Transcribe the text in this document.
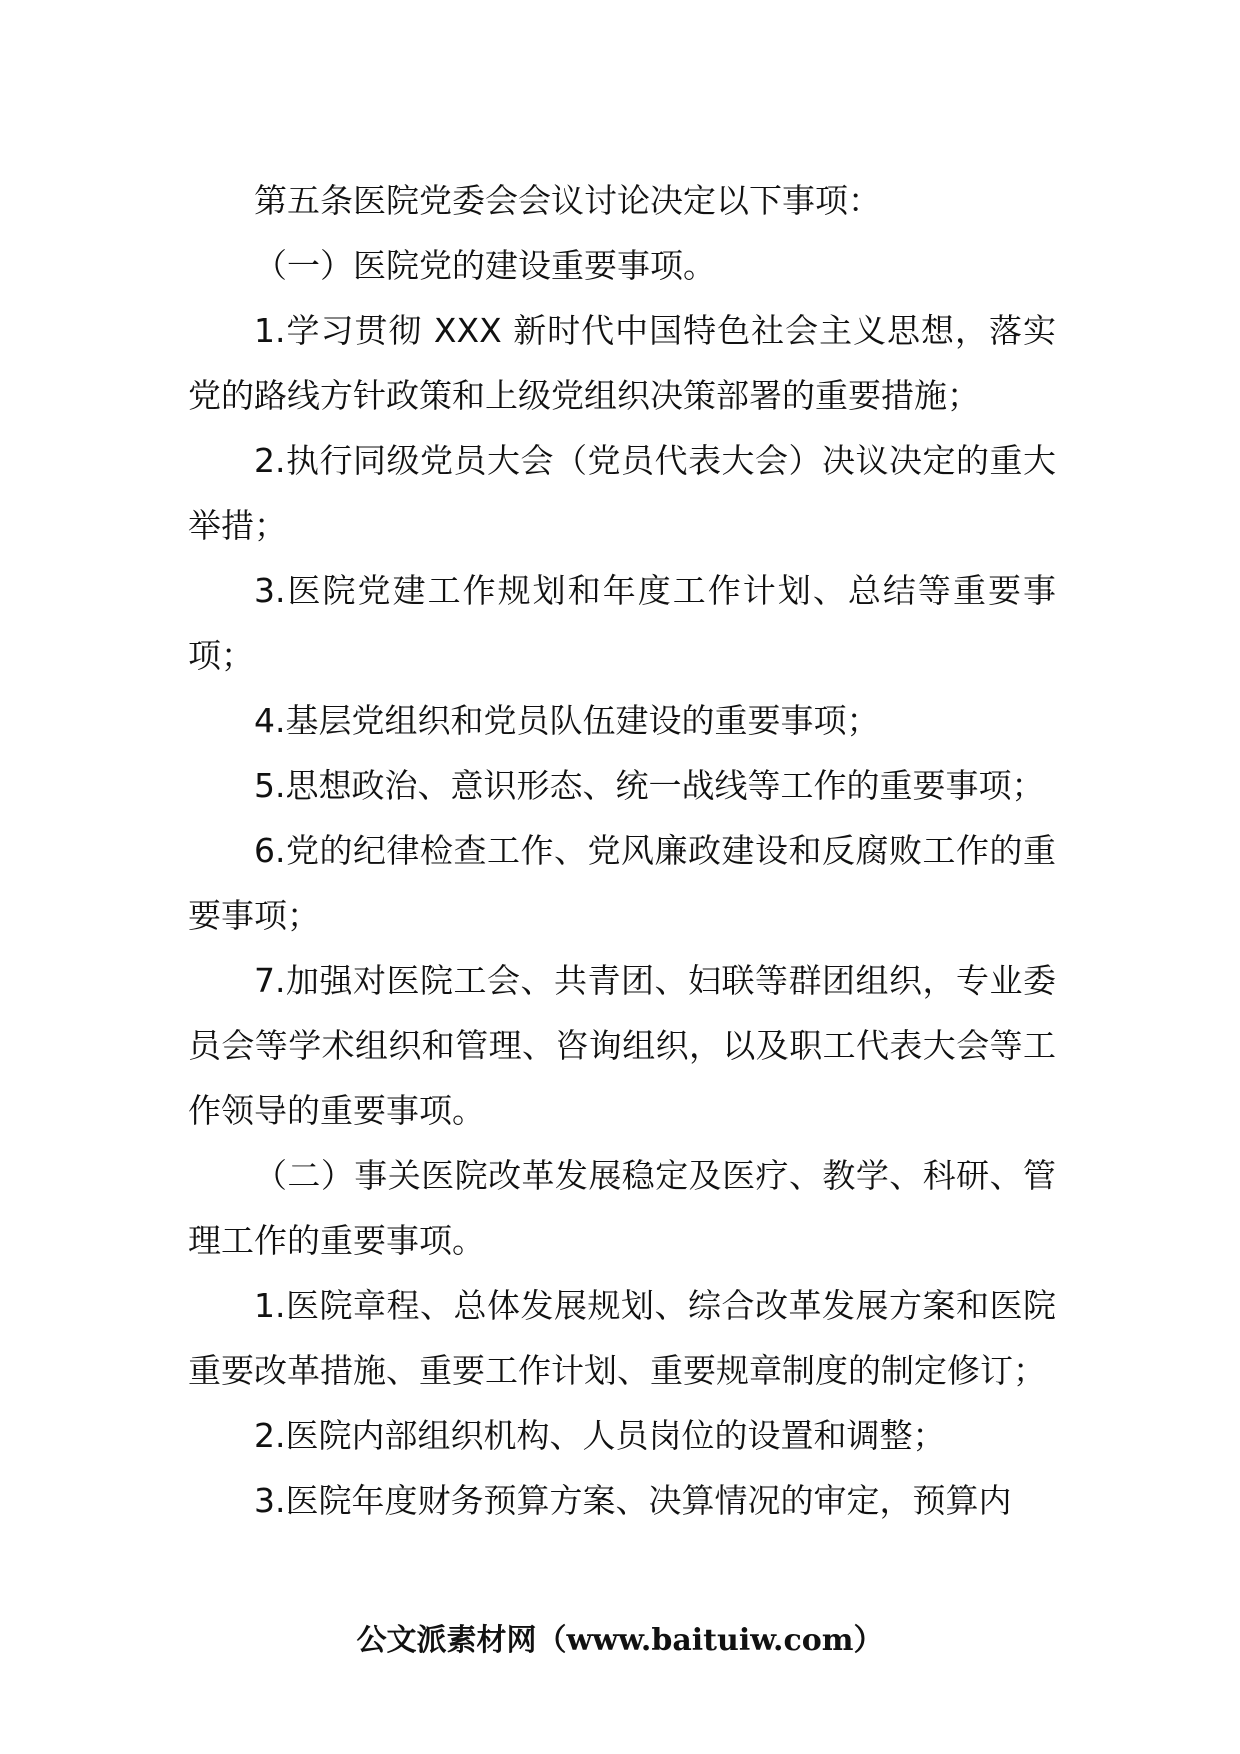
第五条医院党委会会议讨论决定以下事项：

（一）医院党的建设重要事项。

1.学习贯彻 XXX 新时代中国特色社会主义思想，落实党的路线方针政策和上级党组织决策部署的重要措施；

2.执行同级党员大会（党员代表大会）决议决定的重大举措；

3.医院党建工作规划和年度工作计划、总结等重要事项；

4.基层党组织和党员队伍建设的重要事项；

5.思想政治、意识形态、统一战线等工作的重要事项；

6.党的纪律检查工作、党风廉政建设和反腐败工作的重要事项；

7.加强对医院工会、共青团、妇联等群团组织，专业委员会等学术组织和管理、咨询组织，以及职工代表大会等工作领导的重要事项。

（二）事关医院改革发展稳定及医疗、教学、科研、管理工作的重要事项。

1.医院章程、总体发展规划、综合改革发展方案和医院重要改革措施、重要工作计划、重要规章制度的制定修订；

2.医院内部组织机构、人员岗位的设置和调整；

3.医院年度财务预算方案、决算情况的审定，预算内

公文派素材网（www.baituiw.com）
